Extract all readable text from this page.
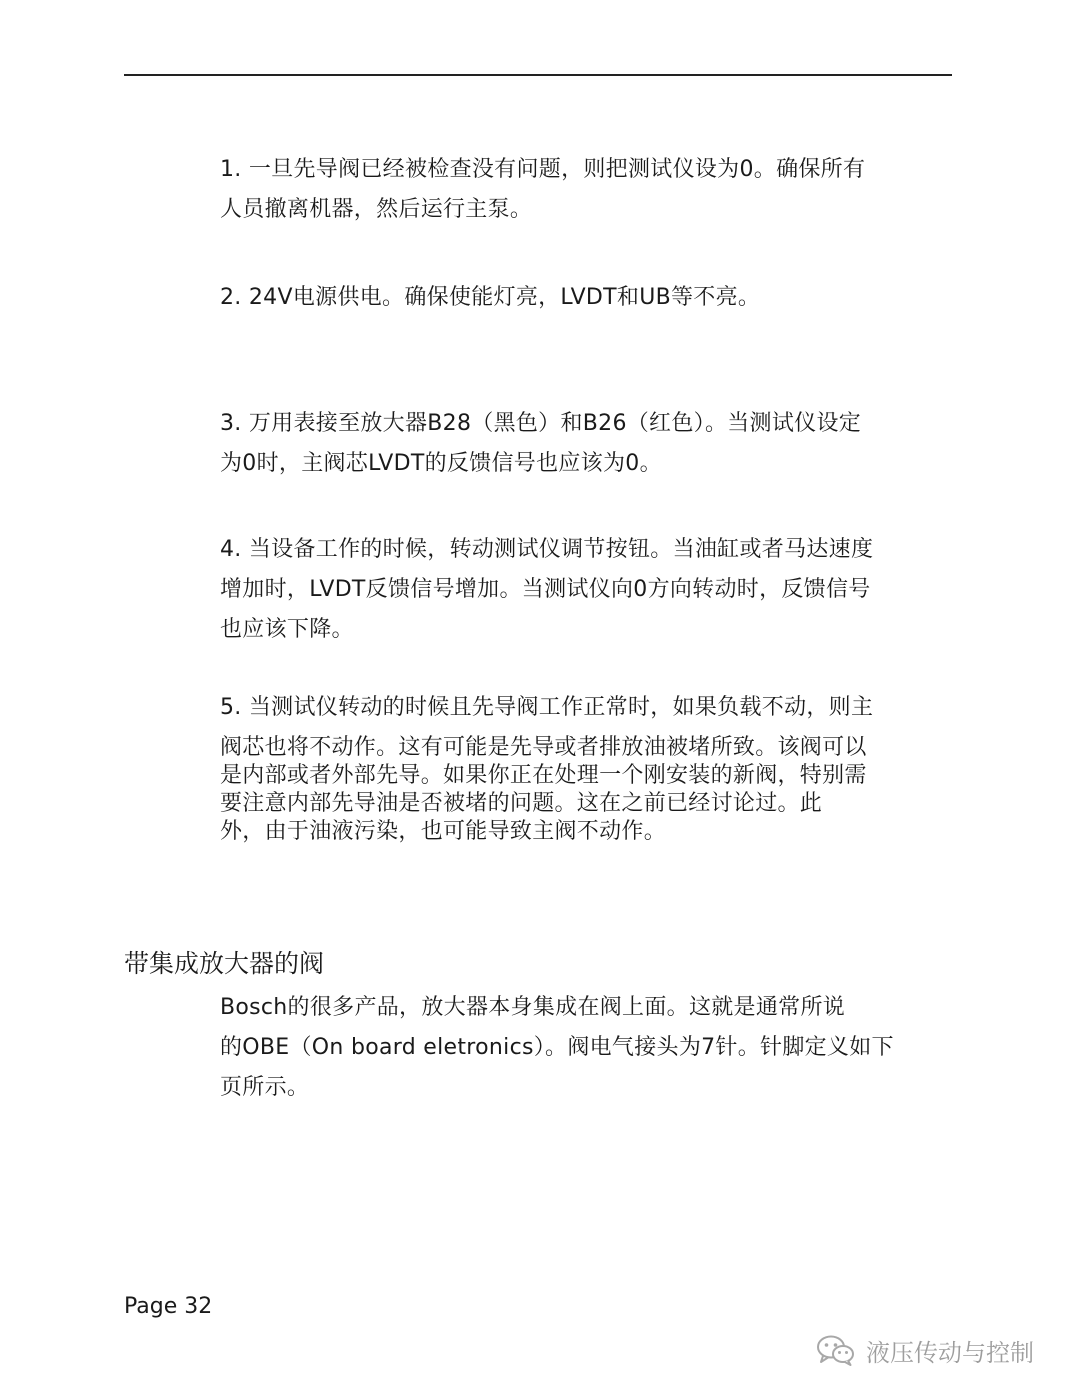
1. 一旦先导阀已经被检查没有问题，则把测试仪设为0。确保所有
人员撤离机器，然后运行主泵。

2. 24V电源供电。确保使能灯亮，LVDT和UB等不亮。

3. 万用表接至放大器B28（黑色）和B26（红色）。当测试仪设定
为0时，主阀芯LVDT的反馈信号也应该为0。

4. 当设备工作的时候，转动测试仪调节按钮。当油缸或者马达速度
增加时，LVDT反馈信号增加。当测试仪向0方向转动时，反馈信号
也应该下降。

5. 当测试仪转动的时候且先导阀工作正常时，如果负载不动，则主

阀芯也将不动作。这有可能是先导或者排放油被堵所致。该阀可以
是内部或者外部先导。如果你正在处理一个刚安装的新阀，特别需
要注意内部先导油是否被堵的问题。这在之前已经讨论过。此
外，由于油液污染，也可能导致主阀不动作。

带集成放大器的阀

Bosch的很多产品，放大器本身集成在阀上面。这就是通常所说
的OBE（On board eletronics）。阀电气接头为7针。针脚定义如下
页所示。

Page 32
液压传动与控制
